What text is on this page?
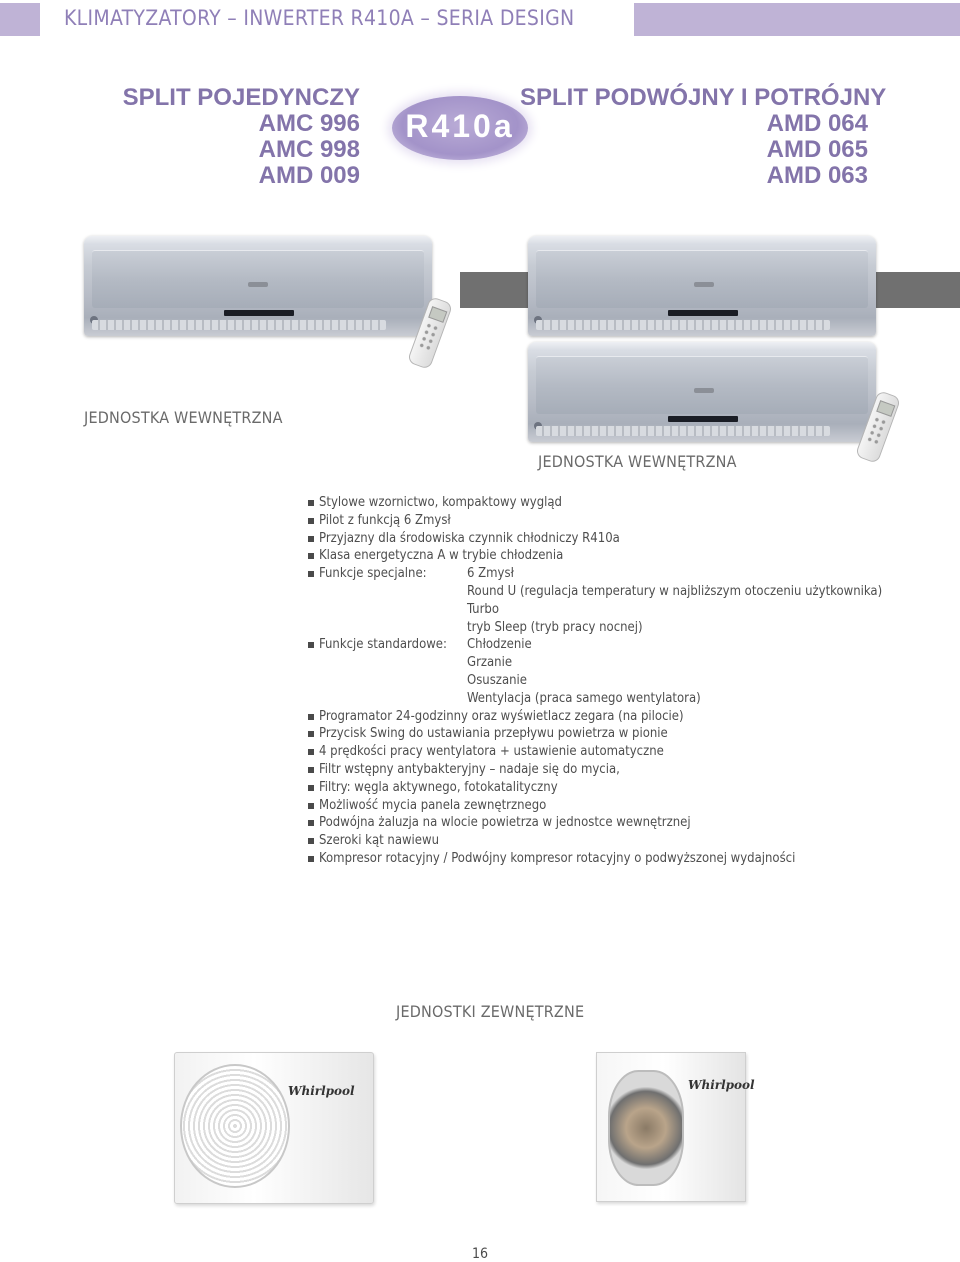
KLIMATYZATORY – INWERTER R410A – SERIA DESIGN
SPLIT POJEDYNCZY
AMC 996
AMC 998
AMD 009
R410a
SPLIT PODWÓJNY I POTRÓJNY
AMD 064
AMD 065
AMD 063
JEDNOSTKA WEWNĘTRZNA
JEDNOSTKA WEWNĘTRZNA
Stylowe wzornictwo, kompaktowy wygląd
Pilot z funkcją 6 Zmysł
Przyjazny dla środowiska czynnik chłodniczy R410a
Klasa energetyczna A w trybie chłodzenia
Funkcje specjalne:	6 Zmysł
Round U (regulacja temperatury w najbliższym otoczeniu użytkownika)
Turbo
tryb Sleep (tryb pracy nocnej)
Funkcje standardowe:	Chłodzenie
Grzanie
Osuszanie
Wentylacja (praca samego wentylatora)
Programator 24-godzinny oraz wyświetlacz zegara (na pilocie)
Przycisk Swing do ustawiania przepływu powietrza w pionie
4 prędkości pracy wentylatora + ustawienie automatyczne
Filtr wstępny antybakteryjny – nadaje się do mycia,
Filtry: węgla aktywnego, fotokatalityczny
Możliwość mycia panela zewnętrznego
Podwójna żaluzja na wlocie powietrza w jednostce wewnętrznej
Szeroki kąt nawiewu
Kompresor rotacyjny / Podwójny kompresor rotacyjny o podwyższonej wydajności
JEDNOSTKI ZEWNĘTRZNE
Whirlpool	Whirlpool
16
